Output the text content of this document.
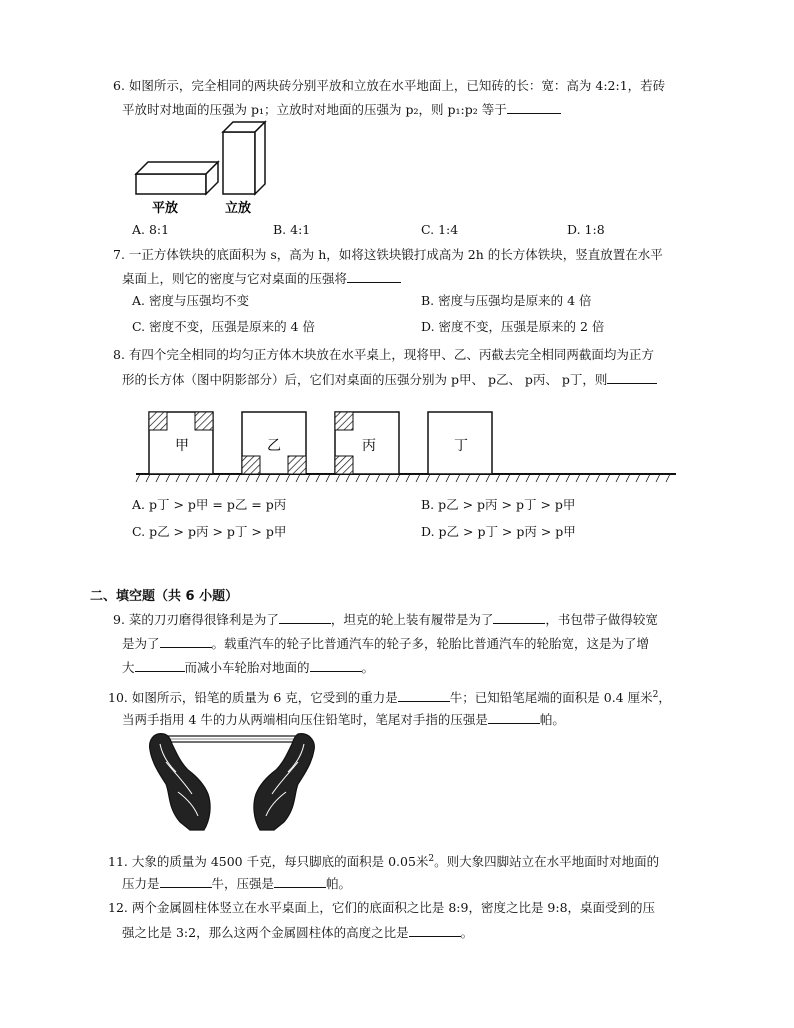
6. 如图所示，完全相同的两块砖分别平放和立放在水平地面上，已知砖的长：宽：高为 4:2:1，若砖
平放时对地面的压强为 p₁；立放时对地面的压强为 p₂，则 p₁:p₂ 等于
平放	立放
A. 8:1	B. 4:1	C. 1:4	D. 1:8
7. 一正方体铁块的底面积为 s，高为 h，如将这铁块锻打成高为 2h 的长方体铁块，竖直放置在水平
桌面上，则它的密度与它对桌面的压强将
A. 密度与压强均不变	B. 密度与压强均是原来的 4 倍
C. 密度不变，压强是原来的 4 倍	D. 密度不变，压强是原来的 2 倍
8. 有四个完全相同的均匀正方体木块放在水平桌上，现将甲、乙、丙截去完全相同两截面均为正方
形的长方体（图中阴影部分）后，它们对桌面的压强分别为 p甲、 p乙、 p丙、 p丁，则
甲	乙	丙	丁
A. p丁 > p甲 = p乙 = p丙	B. p乙 > p丙 > p丁 > p甲
C. p乙 > p丙 > p丁 > p甲	D. p乙 > p丁 > p丙 > p甲
二、填空题（共 6 小题）
9. 菜的刀刃磨得很锋利是为了	，坦克的轮上装有履带是为了	，书包带子做得较宽
是为了	。载重汽车的轮子比普通汽车的轮子多，轮胎比普通汽车的轮胎宽，这是为了增
大	而减小车轮胎对地面的	。
10. 如图所示，铅笔的质量为 6 克，它受到的重力是	牛；已知铅笔尾端的面积是 0.4 厘米$^2$，
当两手指用 4 牛的力从两端相向压住铅笔时，笔尾对手指的压强是	帕。
11. 大象的质量为 4500 千克，每只脚底的面积是 0.05米$^2$。则大象四脚站立在水平地面时对地面的
压力是	牛，压强是	帕。
12. 两个金属圆柱体竖立在水平桌面上，它们的底面积之比是 8:9，密度之比是 9:8，桌面受到的压
强之比是 3:2，那么这两个金属圆柱体的高度之比是	。
